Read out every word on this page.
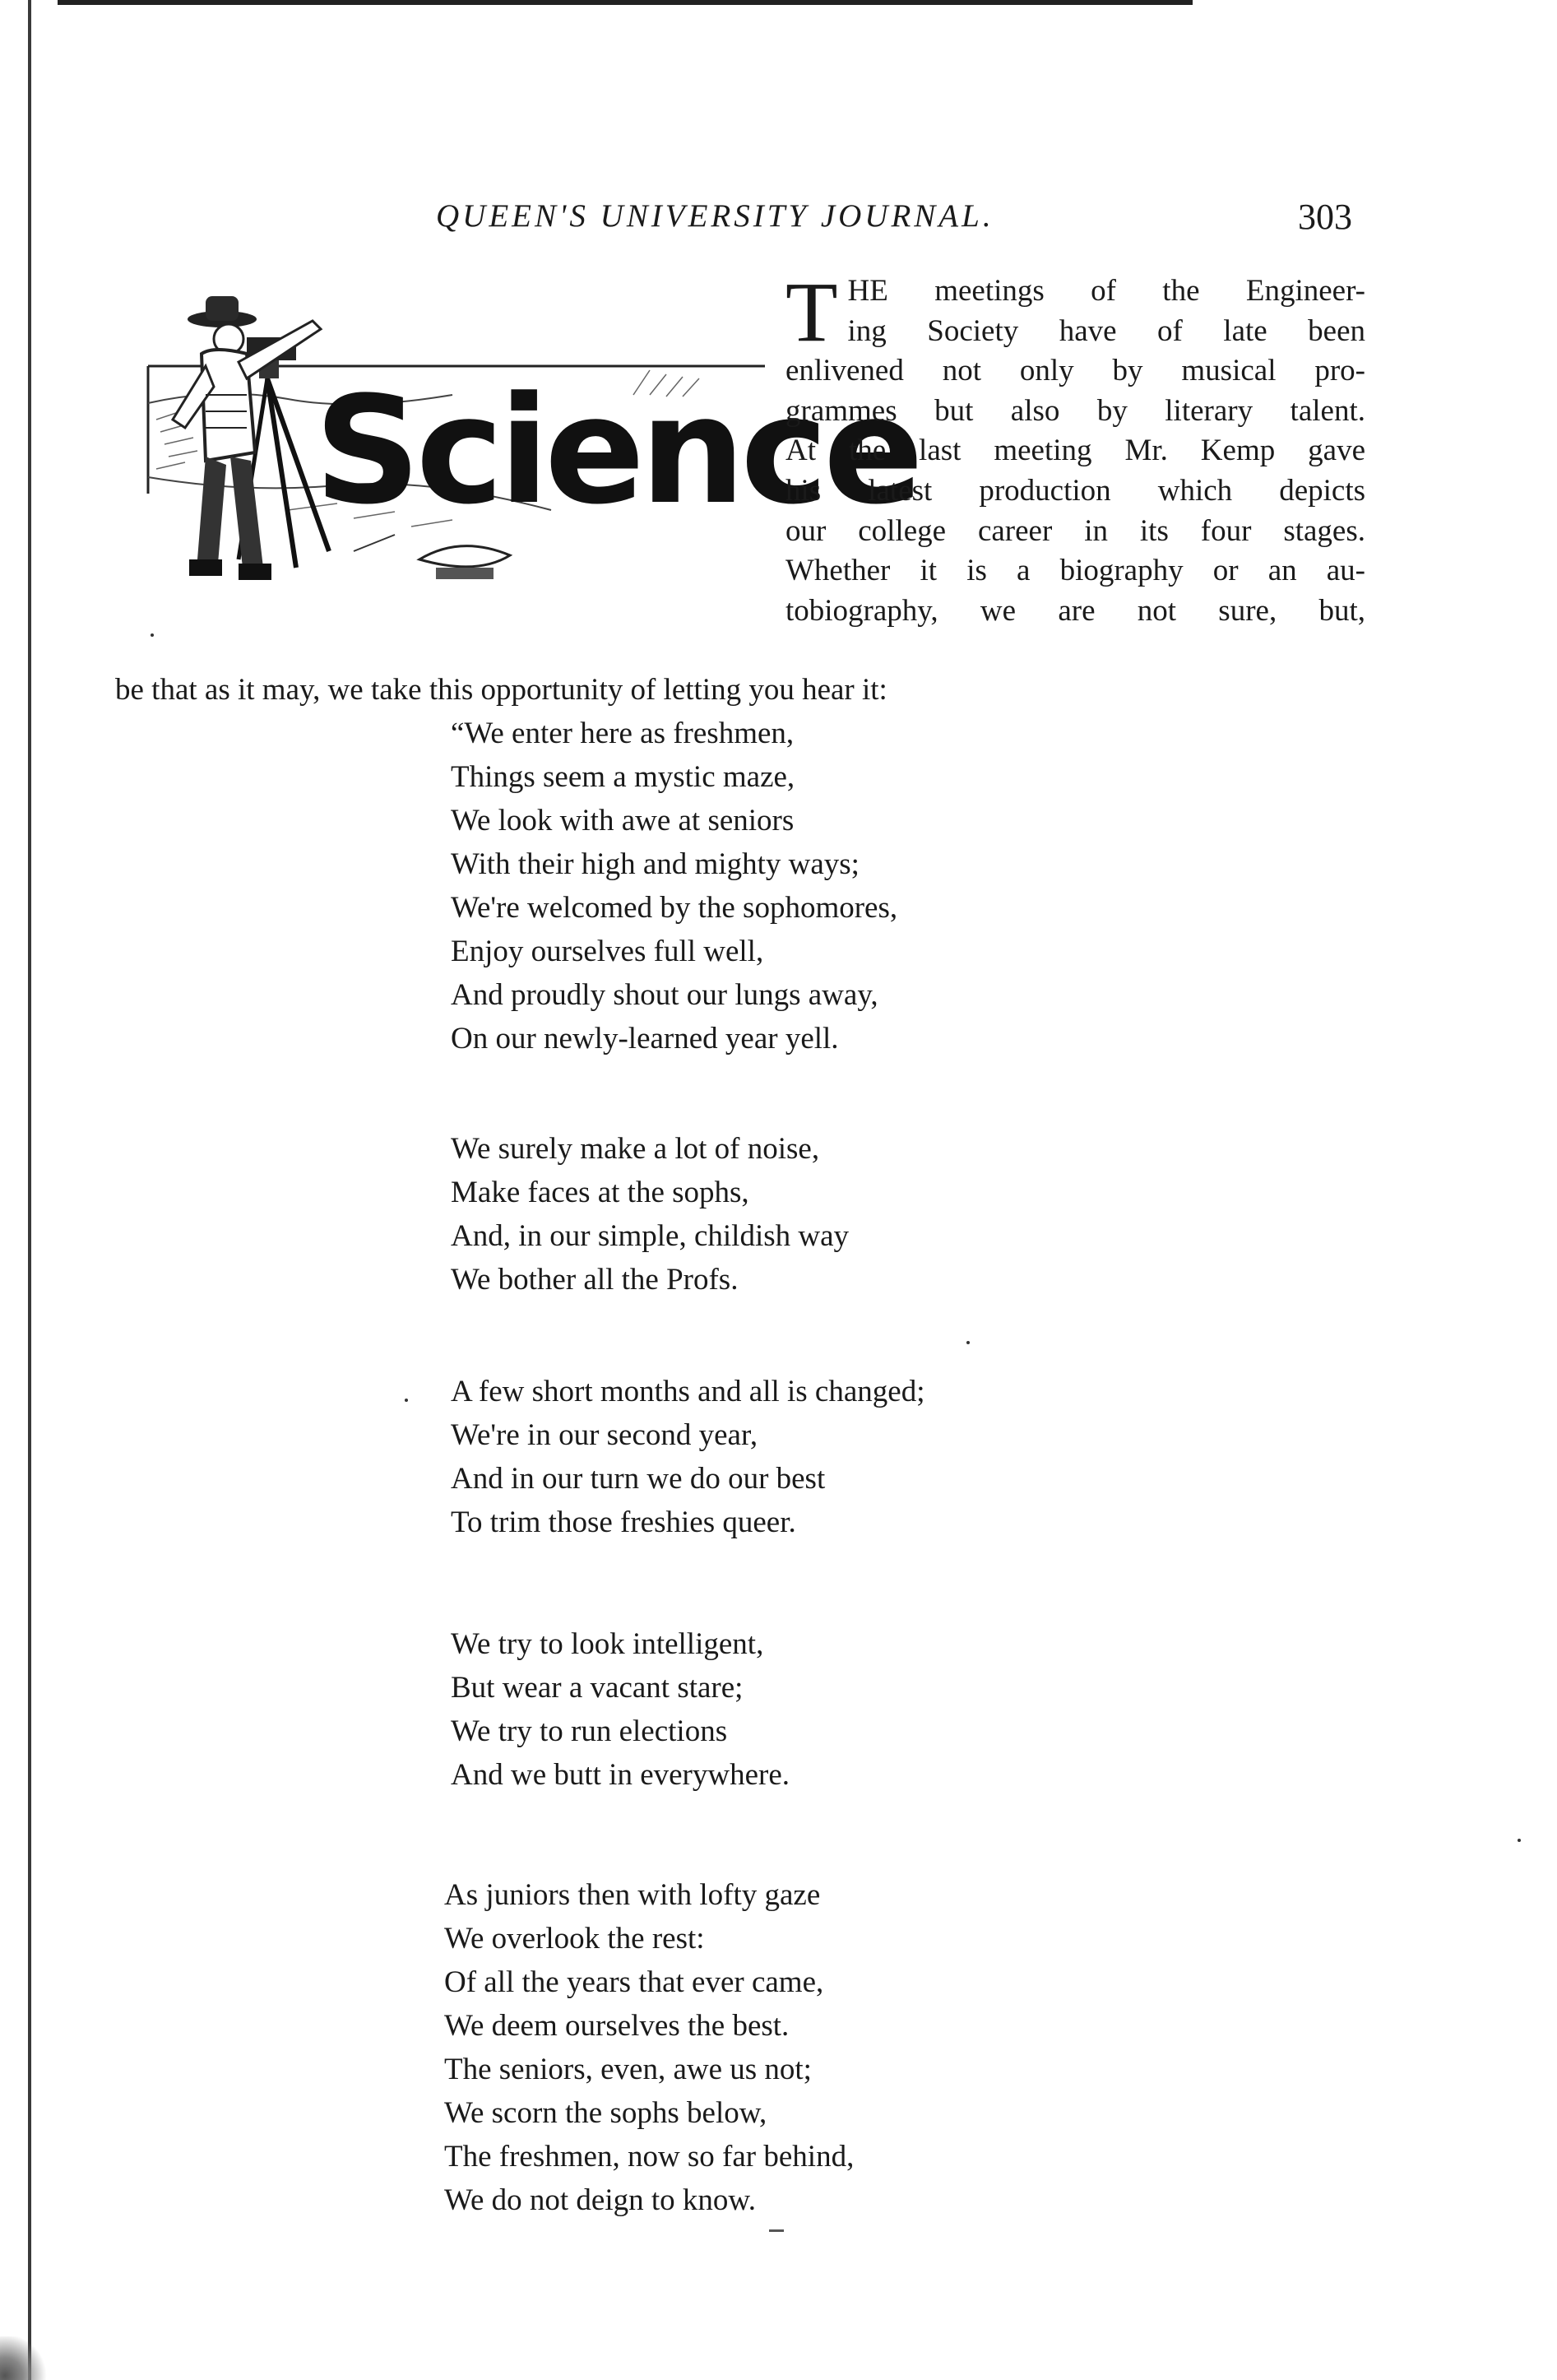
QUEEN'S UNIVERSITY JOURNAL.	303
Science
T HE meetings of the Engineer-
ing Society have of late been
enlivened not only by musical pro-
grammes but also by literary talent.
At the last meeting Mr. Kemp gave
his latest production which depicts
our college career in its four stages.
Whether it is a biography or an au-
tobiography, we are not sure, but,
be that as it may, we take this opportunity of letting you hear it:
“We enter here as freshmen,
Things seem a mystic maze,
We look with awe at seniors
With their high and mighty ways;
We're welcomed by the sophomores,
Enjoy ourselves full well,
And proudly shout our lungs away,
On our newly-learned year yell.
We surely make a lot of noise,
Make faces at the sophs,
And, in our simple, childish way
We bother all the Profs.
A few short months and all is changed;
We're in our second year,
And in our turn we do our best
To trim those freshies queer.
We try to look intelligent,
But wear a vacant stare;
We try to run elections
And we butt in everywhere.
As juniors then with lofty gaze
We overlook the rest:
Of all the years that ever came,
We deem ourselves the best.
The seniors, even, awe us not;
We scorn the sophs below,
The freshmen, now so far behind,
We do not deign to know.
